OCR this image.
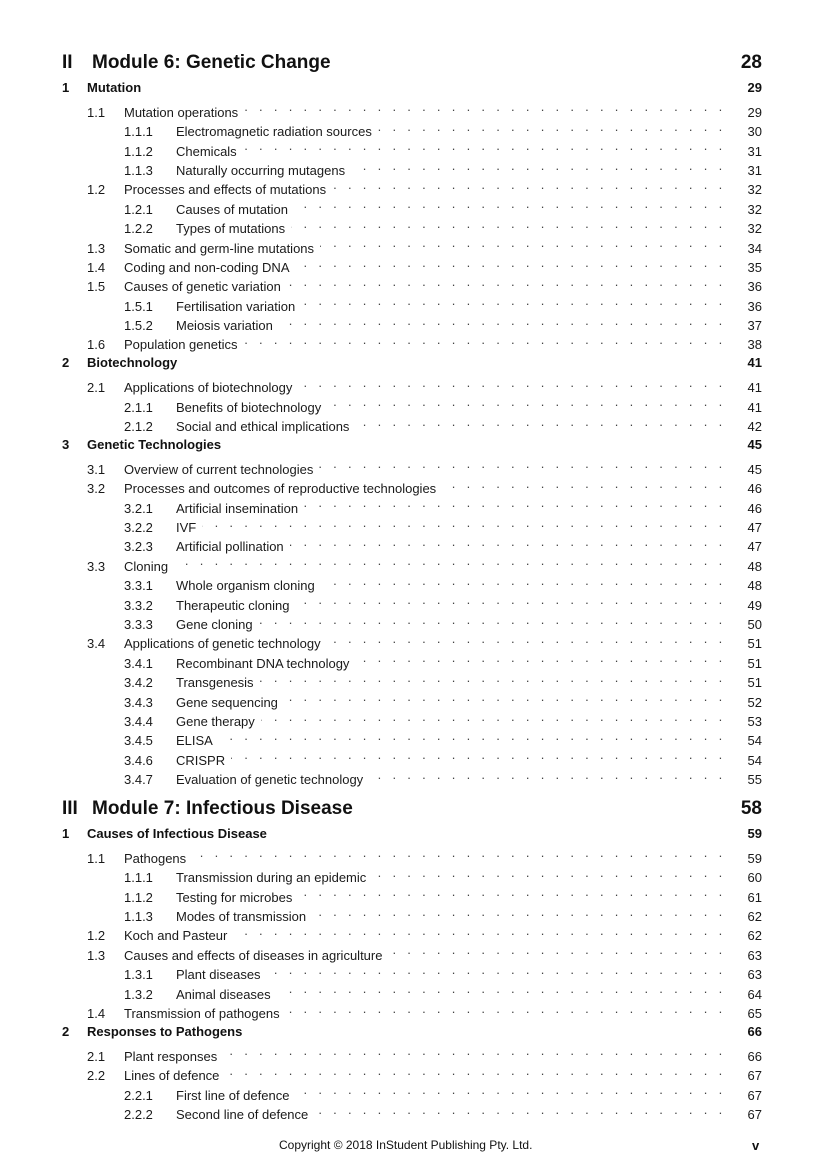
II	Module 6: Genetic Change	28
1	Mutation	29
1.1	Mutation operations . . .	29
1.1.1	Electromagnetic radiation sources . . .	30
1.1.2	Chemicals . . .	31
1.1.3	Naturally occurring mutagens . . .	31
1.2	Processes and effects of mutations . . .	32
1.2.1	Causes of mutation . . .	32
1.2.2	Types of mutations . . .	32
1.3	Somatic and germ-line mutations . . .	34
1.4	Coding and non-coding DNA . . .	35
1.5	Causes of genetic variation . . .	36
1.5.1	Fertilisation variation . . .	36
1.5.2	Meiosis variation . . .	37
1.6	Population genetics . . .	38
2	Biotechnology	41
2.1	Applications of biotechnology . . .	41
2.1.1	Benefits of biotechnology . . .	41
2.1.2	Social and ethical implications . . .	42
3	Genetic Technologies	45
3.1	Overview of current technologies . . .	45
3.2	Processes and outcomes of reproductive technologies . . .	46
3.2.1	Artificial insemination . . .	46
3.2.2	IVF . . .	47
3.2.3	Artificial pollination . . .	47
3.3	Cloning . . .	48
3.3.1	Whole organism cloning . . .	48
3.3.2	Therapeutic cloning . . .	49
3.3.3	Gene cloning . . .	50
3.4	Applications of genetic technology . . .	51
3.4.1	Recombinant DNA technology . . .	51
3.4.2	Transgenesis . . .	51
3.4.3	Gene sequencing . . .	52
3.4.4	Gene therapy . . .	53
3.4.5	ELISA . . .	54
3.4.6	CRISPR . . .	54
3.4.7	Evaluation of genetic technology . . .	55
III Module 7: Infectious Disease	58
1	Causes of Infectious Disease	59
1.1	Pathogens . . .	59
1.1.1	Transmission during an epidemic . . .	60
1.1.2	Testing for microbes . . .	61
1.1.3	Modes of transmission . . .	62
1.2	Koch and Pasteur . . .	62
1.3	Causes and effects of diseases in agriculture . . .	63
1.3.1	Plant diseases . . .	63
1.3.2	Animal diseases . . .	64
1.4	Transmission of pathogens . . .	65
2	Responses to Pathogens	66
2.1	Plant responses . . .	66
2.2	Lines of defence . . .	67
2.2.1	First line of defence . . .	67
2.2.2	Second line of defence . . .	67
Copyright © 2018 InStudent Publishing Pty. Ltd.	v
